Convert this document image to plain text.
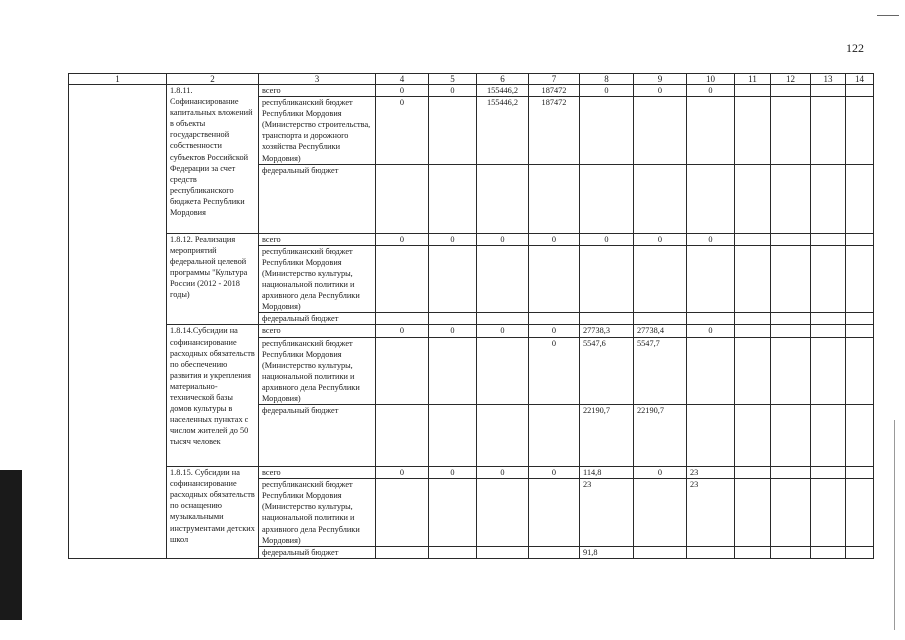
122
1	2	3	4	5	6	7	8	9	10	11	12	13	14
	1.8.11. Софинансирование капитальных вложений в объекты государственной собственности субъектов Российской Федерации за счет средств республиканского бюджета Республики Мордовия	всего	0	0	155446,2	187472	0	0	0				
		республиканский бюджет Республики Мордовия (Министерство строительства, транспорта и дорожного хозяйства Республики Мордовия)	0		155446,2	187472							
		федеральный бюджет											
	1.8.12. Реализация мероприятий федеральной целевой программы "Культура России (2012 - 2018 годы)	всего	0	0	0	0	0	0	0				
		республиканский бюджет Республики Мордовия (Министерство культуры, национальной политики и архивного дела Республики Мордовия)											
		федеральный бюджет											
	1.8.14.Субсидии на софинансирование расходных обязательств по обеспечению развития и укрепления материально-технической базы домов культуры в населенных пунктах с числом жителей до 50 тысяч человек	всего	0	0	0	0	27738,3	27738,4	0				
		республиканский бюджет Республики Мордовия (Министерство культуры, национальной политики и архивного дела Республики Мордовия)				0	5547,6	5547,7					
		федеральный бюджет					22190,7	22190,7					
	1.8.15. Субсидии на софинансирование расходных обязательств по оснащению музыкальными инструментами детских школ	всего	0	0	0	0	114,8	0	23				
		республиканский бюджет Республики Мордовия (Министерство культуры, национальной политики и архивного дела Республики Мордовия)					23		23				
		федеральный бюджет					91,8						
